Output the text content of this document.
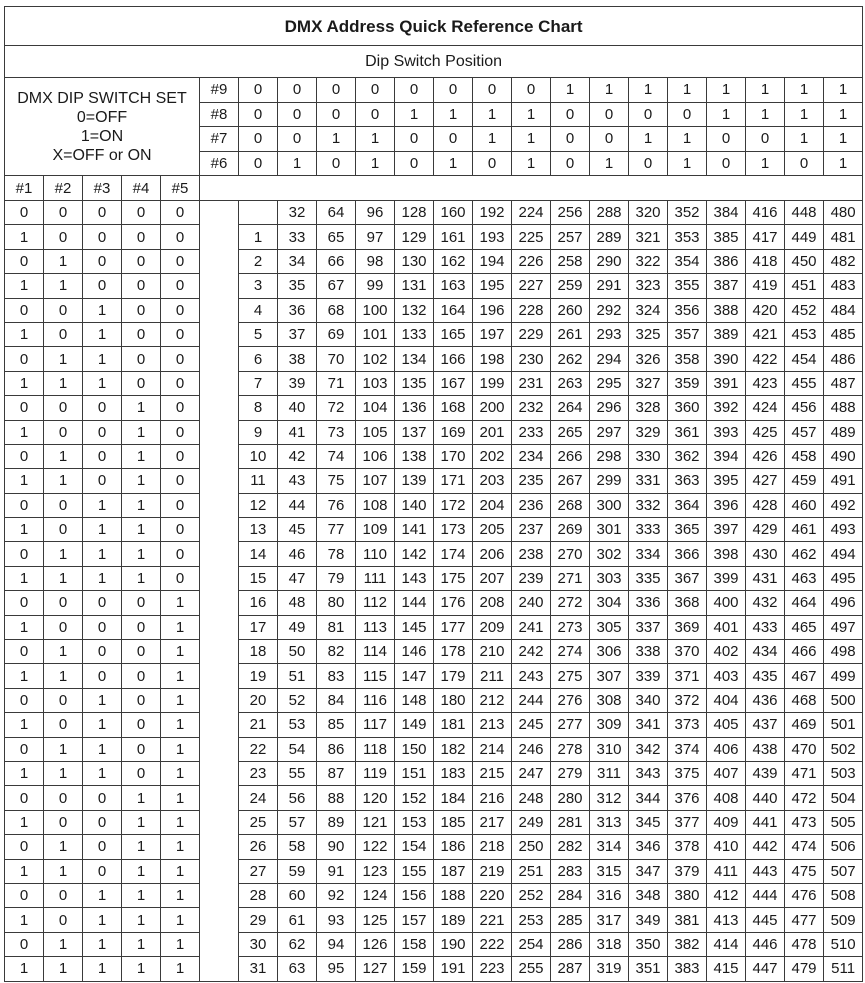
DMX Address Quick Reference Chart																					
Dip Switch Position																					

DMX DIP SWITCH SET
0=OFF
1=ON
X=OFF or ON					#9	0	0	0	0	0	0	0	0	1	1	1	1	1	1	1	1
					#8	0	0	0	0	1	1	1	1	0	0	0	0	1	1	1	1
					#7	0	0	1	1	0	0	1	1	0	0	1	1	0	0	1	1
					#6	0	1	0	1	0	1	0	1	0	1	0	1	0	1	0	1
#1	#2	#3	#4	#5																	
0	0	0	0	0			32	64	96	128	160	192	224	256	288	320	352	384	416	448	480
1	0	0	0	0		1	33	65	97	129	161	193	225	257	289	321	353	385	417	449	481
0	1	0	0	0		2	34	66	98	130	162	194	226	258	290	322	354	386	418	450	482
1	1	0	0	0		3	35	67	99	131	163	195	227	259	291	323	355	387	419	451	483
0	0	1	0	0		4	36	68	100	132	164	196	228	260	292	324	356	388	420	452	484
1	0	1	0	0		5	37	69	101	133	165	197	229	261	293	325	357	389	421	453	485
0	1	1	0	0		6	38	70	102	134	166	198	230	262	294	326	358	390	422	454	486
1	1	1	0	0		7	39	71	103	135	167	199	231	263	295	327	359	391	423	455	487
0	0	0	1	0		8	40	72	104	136	168	200	232	264	296	328	360	392	424	456	488
1	0	0	1	0		9	41	73	105	137	169	201	233	265	297	329	361	393	425	457	489
0	1	0	1	0		10	42	74	106	138	170	202	234	266	298	330	362	394	426	458	490
1	1	0	1	0		11	43	75	107	139	171	203	235	267	299	331	363	395	427	459	491
0	0	1	1	0		12	44	76	108	140	172	204	236	268	300	332	364	396	428	460	492
1	0	1	1	0		13	45	77	109	141	173	205	237	269	301	333	365	397	429	461	493
0	1	1	1	0		14	46	78	110	142	174	206	238	270	302	334	366	398	430	462	494
1	1	1	1	0		15	47	79	111	143	175	207	239	271	303	335	367	399	431	463	495
0	0	0	0	1		16	48	80	112	144	176	208	240	272	304	336	368	400	432	464	496
1	0	0	0	1		17	49	81	113	145	177	209	241	273	305	337	369	401	433	465	497
0	1	0	0	1		18	50	82	114	146	178	210	242	274	306	338	370	402	434	466	498
1	1	0	0	1		19	51	83	115	147	179	211	243	275	307	339	371	403	435	467	499
0	0	1	0	1		20	52	84	116	148	180	212	244	276	308	340	372	404	436	468	500
1	0	1	0	1		21	53	85	117	149	181	213	245	277	309	341	373	405	437	469	501
0	1	1	0	1		22	54	86	118	150	182	214	246	278	310	342	374	406	438	470	502
1	1	1	0	1		23	55	87	119	151	183	215	247	279	311	343	375	407	439	471	503
0	0	0	1	1		24	56	88	120	152	184	216	248	280	312	344	376	408	440	472	504
1	0	0	1	1		25	57	89	121	153	185	217	249	281	313	345	377	409	441	473	505
0	1	0	1	1		26	58	90	122	154	186	218	250	282	314	346	378	410	442	474	506
1	1	0	1	1		27	59	91	123	155	187	219	251	283	315	347	379	411	443	475	507
0	0	1	1	1		28	60	92	124	156	188	220	252	284	316	348	380	412	444	476	508
1	0	1	1	1		29	61	93	125	157	189	221	253	285	317	349	381	413	445	477	509
0	1	1	1	1		30	62	94	126	158	190	222	254	286	318	350	382	414	446	478	510
1	1	1	1	1		31	63	95	127	159	191	223	255	287	319	351	383	415	447	479	511
